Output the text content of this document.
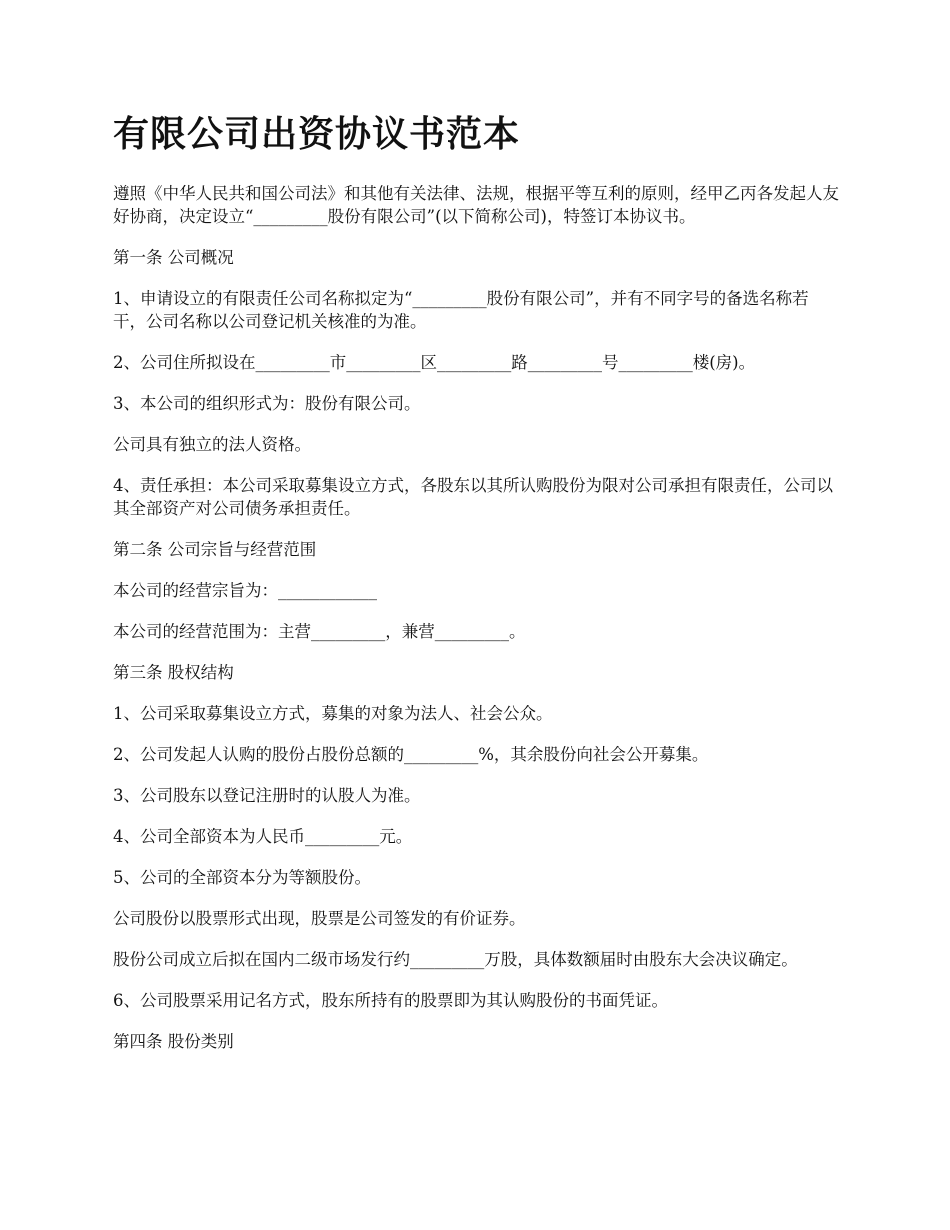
有限公司出资协议书范本

遵照《中华人民共和国公司法》和其他有关法律、法规，根据平等互利的原则，经甲乙丙各发起人友好协商，决定设立“_________股份有限公司”(以下简称公司)，特签订本协议书。

第一条 公司概况

1、申请设立的有限责任公司名称拟定为“_________股份有限公司”，并有不同字号的备选名称若干，公司名称以公司登记机关核准的为准。

2、公司住所拟设在_________市_________区_________路_________号_________楼(房)。

3、本公司的组织形式为：股份有限公司。

公司具有独立的法人资格。

4、责任承担：本公司采取募集设立方式，各股东以其所认购股份为限对公司承担有限责任，公司以其全部资产对公司债务承担责任。

第二条 公司宗旨与经营范围

本公司的经营宗旨为：____________

本公司的经营范围为：主营_________，兼营_________。

第三条 股权结构

1、公司采取募集设立方式，募集的对象为法人、社会公众。

2、公司发起人认购的股份占股份总额的_________%，其余股份向社会公开募集。

3、公司股东以登记注册时的认股人为准。

4、公司全部资本为人民币_________元。

5、公司的全部资本分为等额股份。

公司股份以股票形式出现，股票是公司签发的有价证券。

股份公司成立后拟在国内二级市场发行约_________万股，具体数额届时由股东大会决议确定。

6、公司股票采用记名方式，股东所持有的股票即为其认购股份的书面凭证。

第四条 股份类别
